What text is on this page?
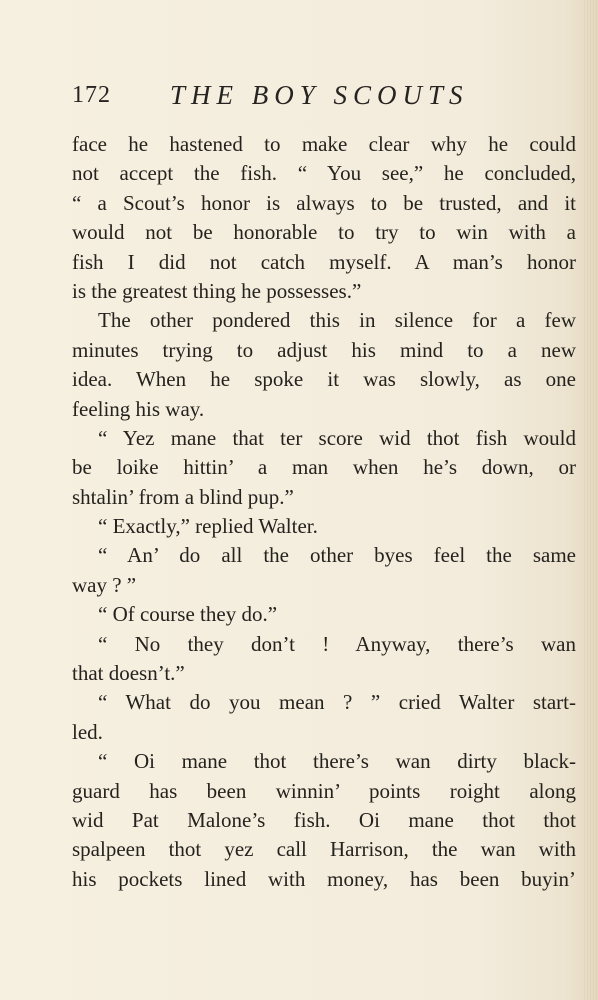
172 THE BOY SCOUTS
face he hastened to make clear why he could
not accept the fish. “ You see,” he concluded,
“ a Scout’s honor is always to be trusted, and it
would not be honorable to try to win with a
fish I did not catch myself. A man’s honor
is the greatest thing he possesses.”
The other pondered this in silence for a few
minutes trying to adjust his mind to a new
idea. When he spoke it was slowly, as one
feeling his way.
“ Yez mane that ter score wid thot fish would
be loike hittin’ a man when he’s down, or
shtalin’ from a blind pup.”
“ Exactly,” replied Walter.
“ An’ do all the other byes feel the same
way ? ”
“ Of course they do.”
“ No they don’t ! Anyway, there’s wan
that doesn’t.”
“ What do you mean ? ” cried Walter start-
led.
“ Oi mane thot there’s wan dirty black-
guard has been winnin’ points roight along
wid Pat Malone’s fish. Oi mane thot thot
spalpeen thot yez call Harrison, the wan with
his pockets lined with money, has been buyin’
